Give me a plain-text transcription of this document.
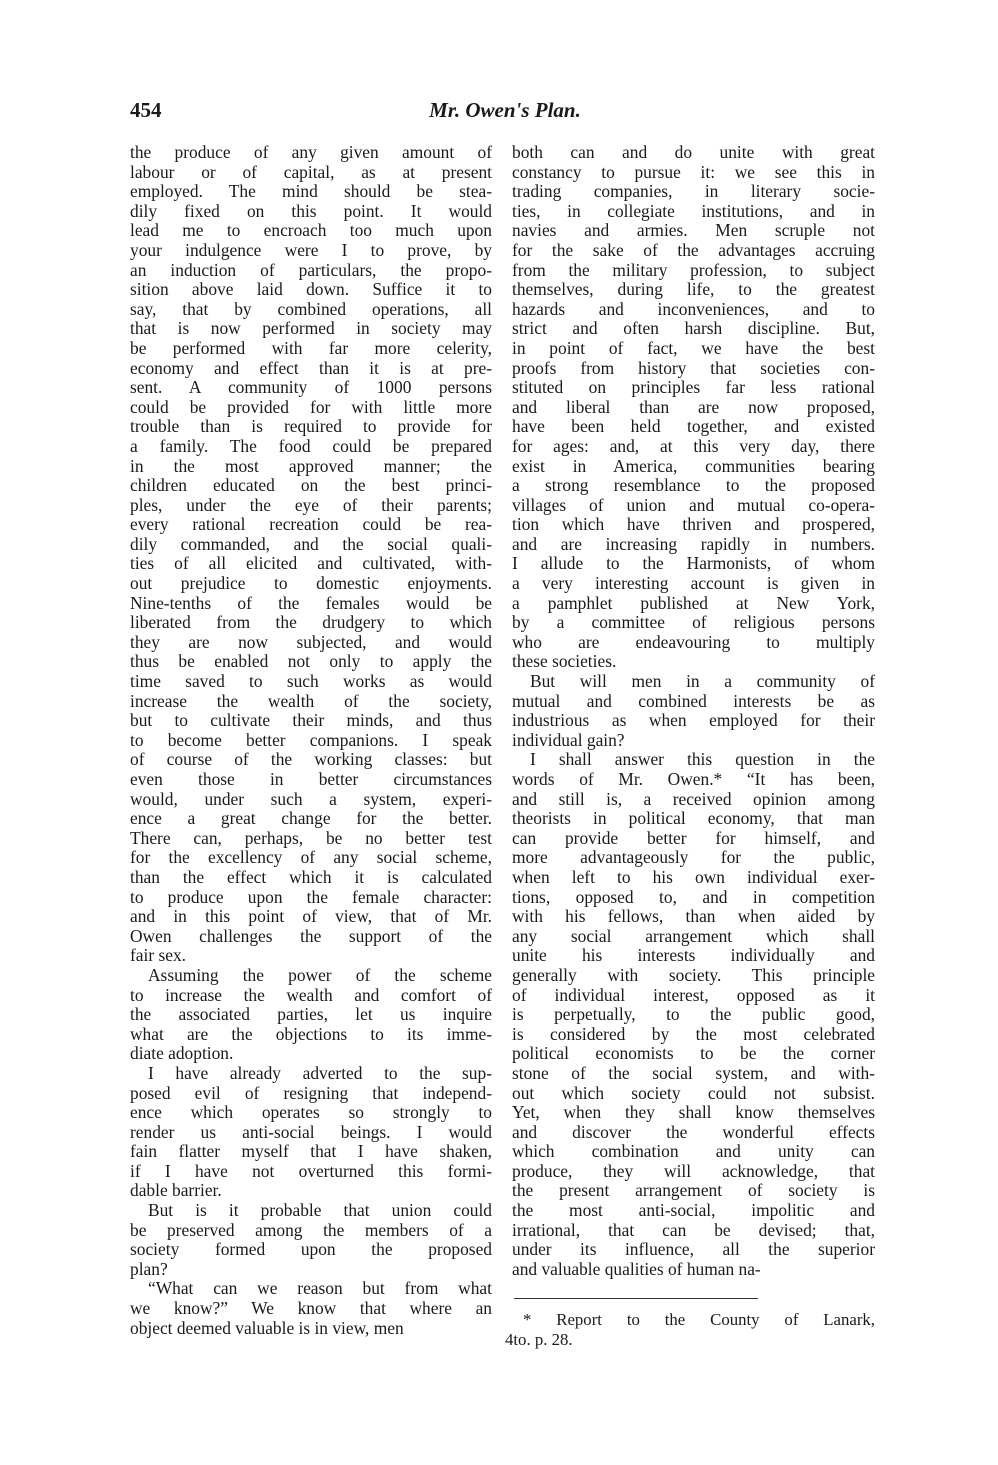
454	Mr. Owen's Plan.
the produce of any given amount of
labour or of capital, as at present
employed. The mind should be stea-
dily fixed on this point. It would
lead me to encroach too much upon
your indulgence were I to prove, by
an induction of particulars, the propo-
sition above laid down. Suffice it to
say, that by combined operations, all
that is now performed in society may
be performed with far more celerity,
economy and effect than it is at pre-
sent. A community of 1000 persons
could be provided for with little more
trouble than is required to provide for
a family. The food could be prepared
in the most approved manner; the
children educated on the best princi-
ples, under the eye of their parents;
every rational recreation could be rea-
dily commanded, and the social quali-
ties of all elicited and cultivated, with-
out prejudice to domestic enjoyments.
Nine-tenths of the females would be
liberated from the drudgery to which
they are now subjected, and would
thus be enabled not only to apply the
time saved to such works as would
increase the wealth of the society,
but to cultivate their minds, and thus
to become better companions. I speak
of course of the working classes: but
even those in better circumstances
would, under such a system, experi-
ence a great change for the better.
There can, perhaps, be no better test
for the excellency of any social scheme,
than the effect which it is calculated
to produce upon the female character:
and in this point of view, that of Mr.
Owen challenges the support of the
fair sex.
Assuming the power of the scheme
to increase the wealth and comfort of
the associated parties, let us inquire
what are the objections to its imme-
diate adoption.
I have already adverted to the sup-
posed evil of resigning that independ-
ence which operates so strongly to
render us anti-social beings. I would
fain flatter myself that I have shaken,
if I have not overturned this formi-
dable barrier.
But is it probable that union could
be preserved among the members of a
society formed upon the proposed
plan?
“What can we reason but from what
we know?” We know that where an
object deemed valuable is in view, men
both can and do unite with great
constancy to pursue it: we see this in
trading companies, in literary socie-
ties, in collegiate institutions, and in
navies and armies. Men scruple not
for the sake of the advantages accruing
from the military profession, to subject
themselves, during life, to the greatest
hazards and inconveniences, and to
strict and often harsh discipline. But,
in point of fact, we have the best
proofs from history that societies con-
stituted on principles far less rational
and liberal than are now proposed,
have been held together, and existed
for ages: and, at this very day, there
exist in America, communities bearing
a strong resemblance to the proposed
villages of union and mutual co-opera-
tion which have thriven and prospered,
and are increasing rapidly in numbers.
I allude to the Harmonists, of whom
a very interesting account is given in
a pamphlet published at New York,
by a committee of religious persons
who are endeavouring to multiply
these societies.
But will men in a community of
mutual and combined interests be as
industrious as when employed for their
individual gain?
I shall answer this question in the
words of Mr. Owen.* “It has been,
and still is, a received opinion among
theorists in political economy, that man
can provide better for himself, and
more advantageously for the public,
when left to his own individual exer-
tions, opposed to, and in competition
with his fellows, than when aided by
any social arrangement which shall
unite his interests individually and
generally with society. This principle
of individual interest, opposed as it
is perpetually, to the public good,
is considered by the most celebrated
political economists to be the corner
stone of the social system, and with-
out which society could not subsist.
Yet, when they shall know themselves
and discover the wonderful effects
which combination and unity can
produce, they will acknowledge, that
the present arrangement of society is
the most anti-social, impolitic and
irrational, that can be devised; that,
under its influence, all the superior
and valuable qualities of human na-
* Report to the County of Lanark,
4to. p. 28.
